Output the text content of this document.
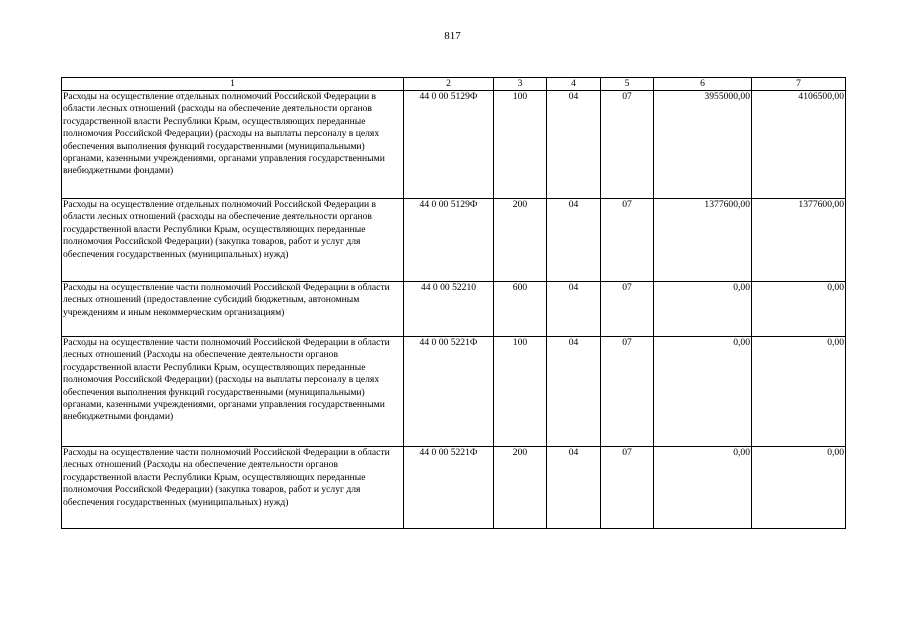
817
1	2	3	4	5	6	7
Расходы на осуществление отдельных полномочий Российской Федерации в области лесных отношений (расходы на обеспечение деятельности органов государственной власти Республики Крым, осуществляющих переданные полномочия Российской Федерации) (расходы на выплаты персоналу в целях обеспечения выполнения функций государственными (муниципальными) органами, казенными учреждениями, органами управления государственными внебюджетными фондами)	44 0 00 5129Ф	100	04	07	3955000,00	4106500,00
Расходы на осуществление отдельных полномочий Российской Федерации в области лесных отношений (расходы на обеспечение деятельности органов государственной власти Республики Крым, осуществляющих переданные полномочия Российской Федерации) (закупка товаров, работ и услуг для обеспечения государственных (муниципальных) нужд)	44 0 00 5129Ф	200	04	07	1377600,00	1377600,00
Расходы на осуществление части полномочий Российской Федерации в области лесных отношений (предоставление субсидий бюджетным, автономным учреждениям и иным некоммерческим организациям)	44 0 00 52210	600	04	07	0,00	0,00
Расходы на осуществление части полномочий Российской Федерации в области лесных отношений (Расходы на обеспечение деятельности органов государственной власти Республики Крым, осуществляющих переданные полномочия Российской Федерации) (расходы на выплаты персоналу в целях обеспечения выполнения функций государственными (муниципальными) органами, казенными учреждениями, органами управления государственными внебюджетными фондами)	44 0 00 5221Ф	100	04	07	0,00	0,00
Расходы на осуществление части полномочий Российской Федерации в области лесных отношений (Расходы на обеспечение деятельности органов государственной власти Республики Крым, осуществляющих переданные полномочия Российской Федерации) (закупка товаров, работ и услуг для обеспечения государственных (муниципальных) нужд)	44 0 00 5221Ф	200	04	07	0,00	0,00
